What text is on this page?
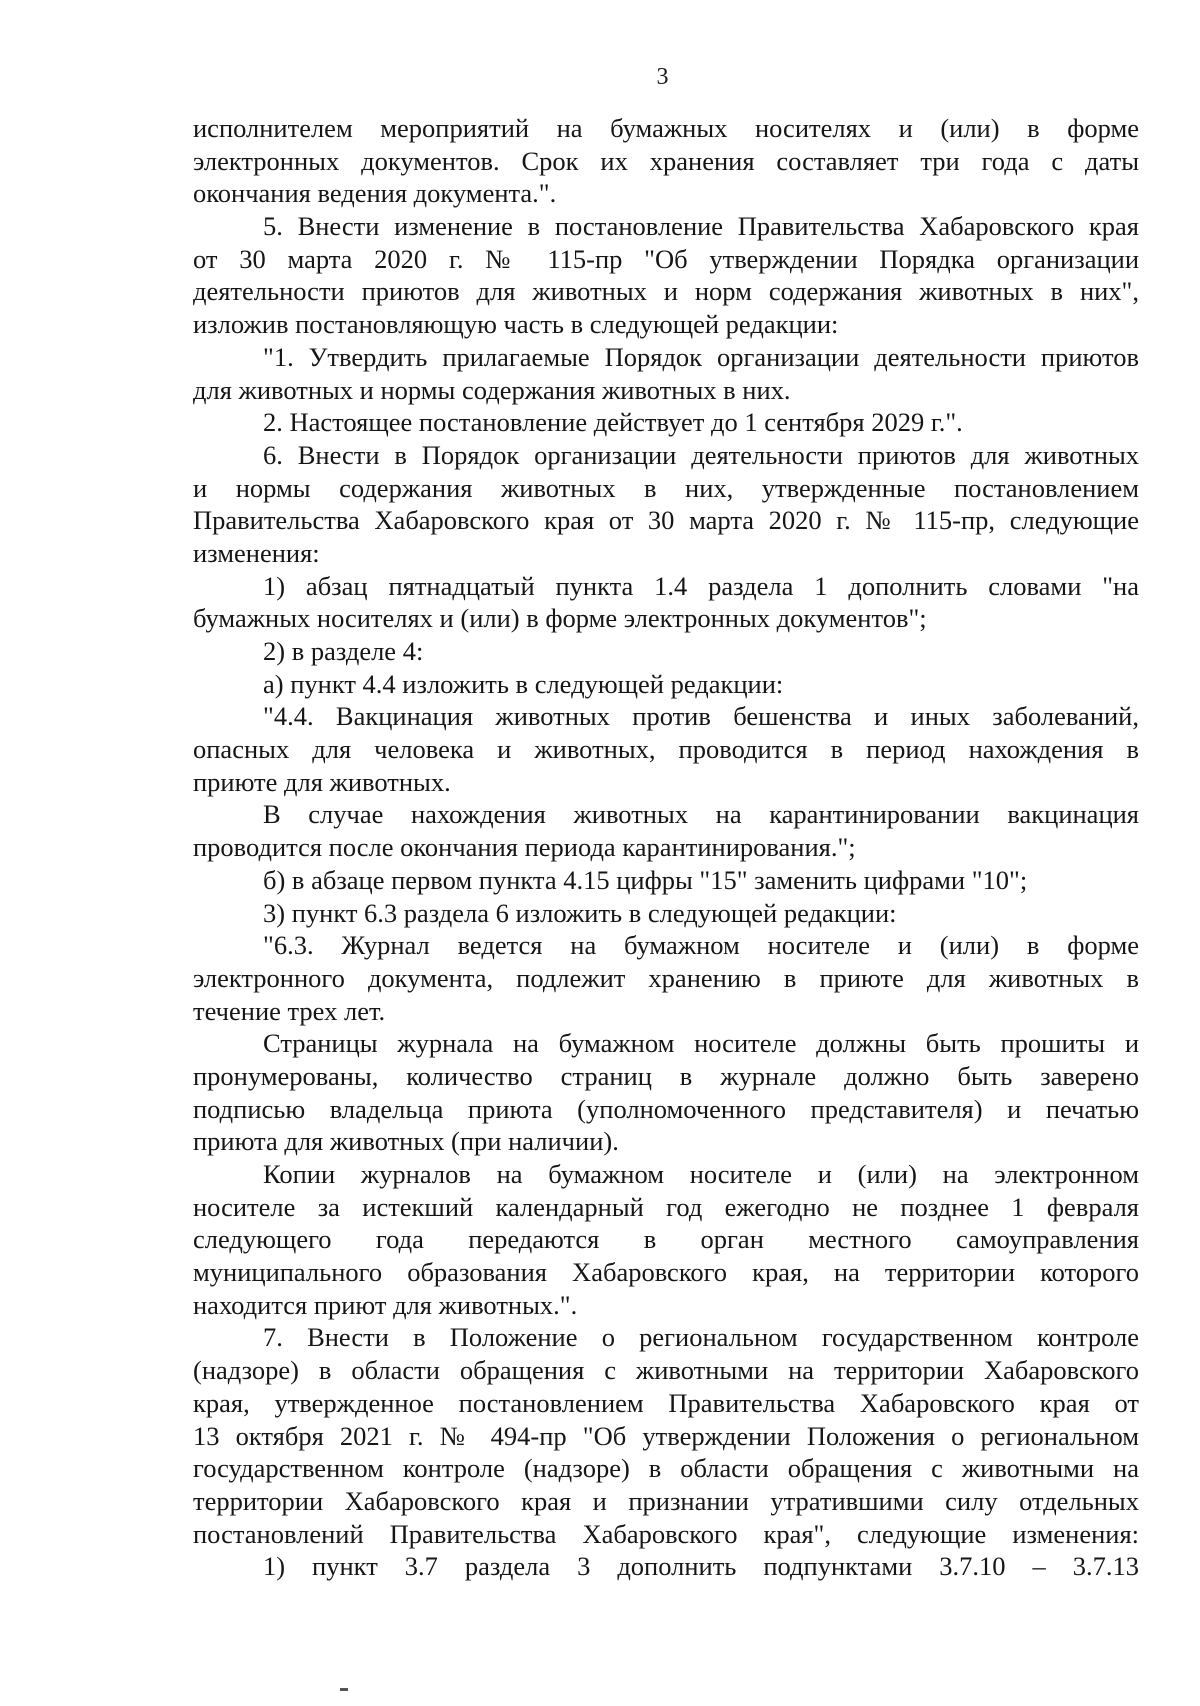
3
исполнителем мероприятий на бумажных носителях и (или) в форме
электронных документов. Срок их хранения составляет три года с даты
окончания ведения документа.".
5. Внести изменение в постановление Правительства Хабаровского края
от 30 марта 2020 г. № 115-пр "Об утверждении Порядка организации
деятельности приютов для животных и норм содержания животных в них",
изложив постановляющую часть в следующей редакции:
"1. Утвердить прилагаемые Порядок организации деятельности приютов
для животных и нормы содержания животных в них.
2. Настоящее постановление действует до 1 сентября 2029 г.".
6. Внести в Порядок организации деятельности приютов для животных
и нормы содержания животных в них, утвержденные постановлением
Правительства Хабаровского края от 30 марта 2020 г. № 115-пр, следующие
изменения:
1) абзац пятнадцатый пункта 1.4 раздела 1 дополнить словами "на
бумажных носителях и (или) в форме электронных документов";
2) в разделе 4:
а) пункт 4.4 изложить в следующей редакции:
"4.4. Вакцинация животных против бешенства и иных заболеваний,
опасных для человека и животных, проводится в период нахождения в
приюте для животных.
В случае нахождения животных на карантинировании вакцинация
проводится после окончания периода карантинирования.";
б) в абзаце первом пункта 4.15 цифры "15" заменить цифрами "10";
3) пункт 6.3 раздела 6 изложить в следующей редакции:
"6.3. Журнал ведется на бумажном носителе и (или) в форме
электронного документа, подлежит хранению в приюте для животных в
течение трех лет.
Страницы журнала на бумажном носителе должны быть прошиты и
пронумерованы, количество страниц в журнале должно быть заверено
подписью владельца приюта (уполномоченного представителя) и печатью
приюта для животных (при наличии).
Копии журналов на бумажном носителе и (или) на электронном
носителе за истекший календарный год ежегодно не позднее 1 февраля
следующего года передаются в орган местного самоуправления
муниципального образования Хабаровского края, на территории которого
находится приют для животных.".
7. Внести в Положение о региональном государственном контроле
(надзоре) в области обращения с животными на территории Хабаровского
края, утвержденное постановлением Правительства Хабаровского края от
13 октября 2021 г. № 494-пр "Об утверждении Положения о региональном
государственном контроле (надзоре) в области обращения с животными на
территории Хабаровского края и признании утратившими силу отдельных
постановлений Правительства Хабаровского края", следующие изменения:
1) пункт 3.7 раздела 3 дополнить подпунктами 3.7.10 – 3.7.13
